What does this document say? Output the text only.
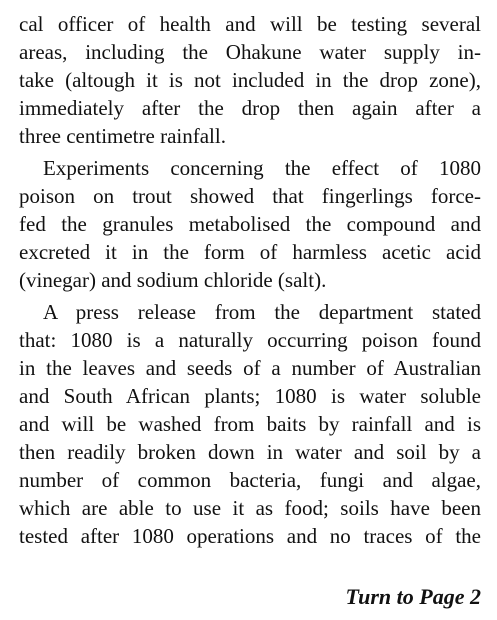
cal officer of health and will be testing several
areas, including the Ohakune water supply in-
take (altough it is not included in the drop zone),
immediately after the drop then again after a
three centimetre rainfall.
Experiments concerning the effect of 1080
poison on trout showed that fingerlings force-
fed the granules metabolised the compound and
excreted it in the form of harmless acetic acid
(vinegar) and sodium chloride (salt).
A press release from the department stated
that: 1080 is a naturally occurring poison found
in the leaves and seeds of a number of Australian
and South African plants; 1080 is water soluble
and will be washed from baits by rainfall and is
then readily broken down in water and soil by a
number of common bacteria, fungi and algae,
which are able to use it as food; soils have been
tested after 1080 operations and no traces of the
Turn to Page 2
